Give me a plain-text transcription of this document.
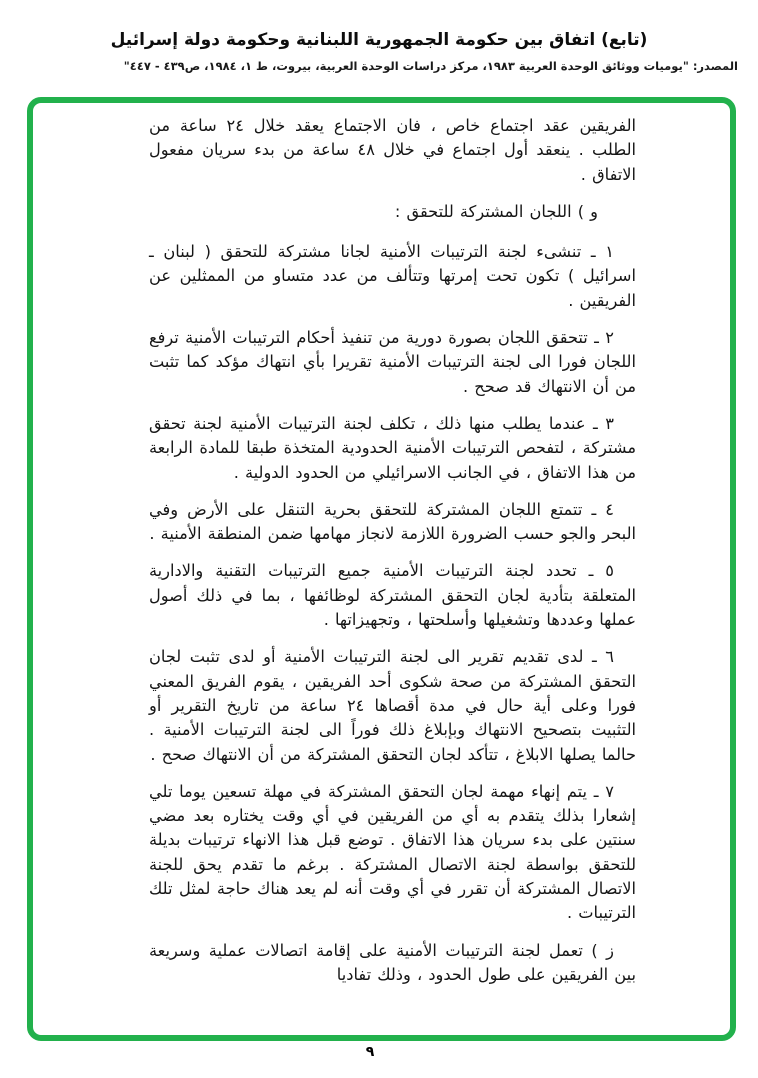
(تابع) اتفاق بين حكومة الجمهورية اللبنانية وحكومة دولة إسرائيل
المصدر: "يوميات ووثائق الوحدة العربية ١٩٨٣، مركز دراسات الوحدة العربية، بيروت، ط ١، ١٩٨٤، ص٤٣٩ - ٤٤٧"

الفريقين عقد اجتماع خاص ، فان الاجتماع يعقد خلال ٢٤ ساعة من الطلب . ينعقد أول اجتماع في خلال ٤٨ ساعة من بدء سريان مفعول الاتفاق .

و ) اللجان المشتركة للتحقق :

١ ـ تنشىء لجنة الترتيبات الأمنية لجانا مشتركة للتحقق ( لبنان ـ اسرائيل ) تكون تحت إمرتها وتتألف من عدد متساو من الممثلين عن الفريقين .

٢ ـ تتحقق اللجان بصورة دورية من تنفيذ أحكام الترتيبات الأمنية ترفع اللجان فورا الى لجنة الترتيبات الأمنية تقريرا بأي انتهاك مؤكد كما تثبت من أن الانتهاك قد صحح .

٣ ـ عندما يطلب منها ذلك ، تكلف لجنة الترتيبات الأمنية لجنة تحقق مشتركة ، لتفحص الترتيبات الأمنية الحدودية المتخذة طبقا للمادة الرابعة من هذا الاتفاق ، في الجانب الاسرائيلي من الحدود الدولية .

٤ ـ تتمتع اللجان المشتركة للتحقق بحرية التنقل على الأرض وفي البحر والجو حسب الضرورة اللازمة لانجاز مهامها ضمن المنطقة الأمنية .

٥ ـ تحدد لجنة الترتيبات الأمنية جميع الترتيبات التقنية والادارية المتعلقة بتأدية لجان التحقق المشتركة لوظائفها ، بما في ذلك أصول عملها وعددها وتشغيلها وأسلحتها ، وتجهيزاتها .

٦ ـ لدى تقديم تقرير الى لجنة الترتيبات الأمنية أو لدى تثبت لجان التحقق المشتركة من صحة شكوى أحد الفريقين ، يقوم الفريق المعني فورا وعلى أية حال في مدة أقصاها ٢٤ ساعة من تاريخ التقرير أو التثبيت بتصحيح الانتهاك وبإبلاغ ذلك فوراً الى لجنة الترتيبات الأمنية . حالما يصلها الابلاغ ، تتأكد لجان التحقق المشتركة من أن الانتهاك صحح .

٧ ـ يتم إنهاء مهمة لجان التحقق المشتركة في مهلة تسعين يوما تلي إشعارا بذلك يتقدم به أي من الفريقين في أي وقت يختاره بعد مضي سنتين على بدء سريان هذا الاتفاق . توضع قبل هذا الانهاء ترتيبات بديلة للتحقق بواسطة لجنة الاتصال المشتركة . برغم ما تقدم يحق للجنة الاتصال المشتركة أن تقرر في أي وقت أنه لم يعد هناك حاجة لمثل تلك الترتيبات .

ز ) تعمل لجنة الترتيبات الأمنية على إقامة اتصالات عملية وسريعة بين الفريقين على طول الحدود ، وذلك تفاديا

٩
